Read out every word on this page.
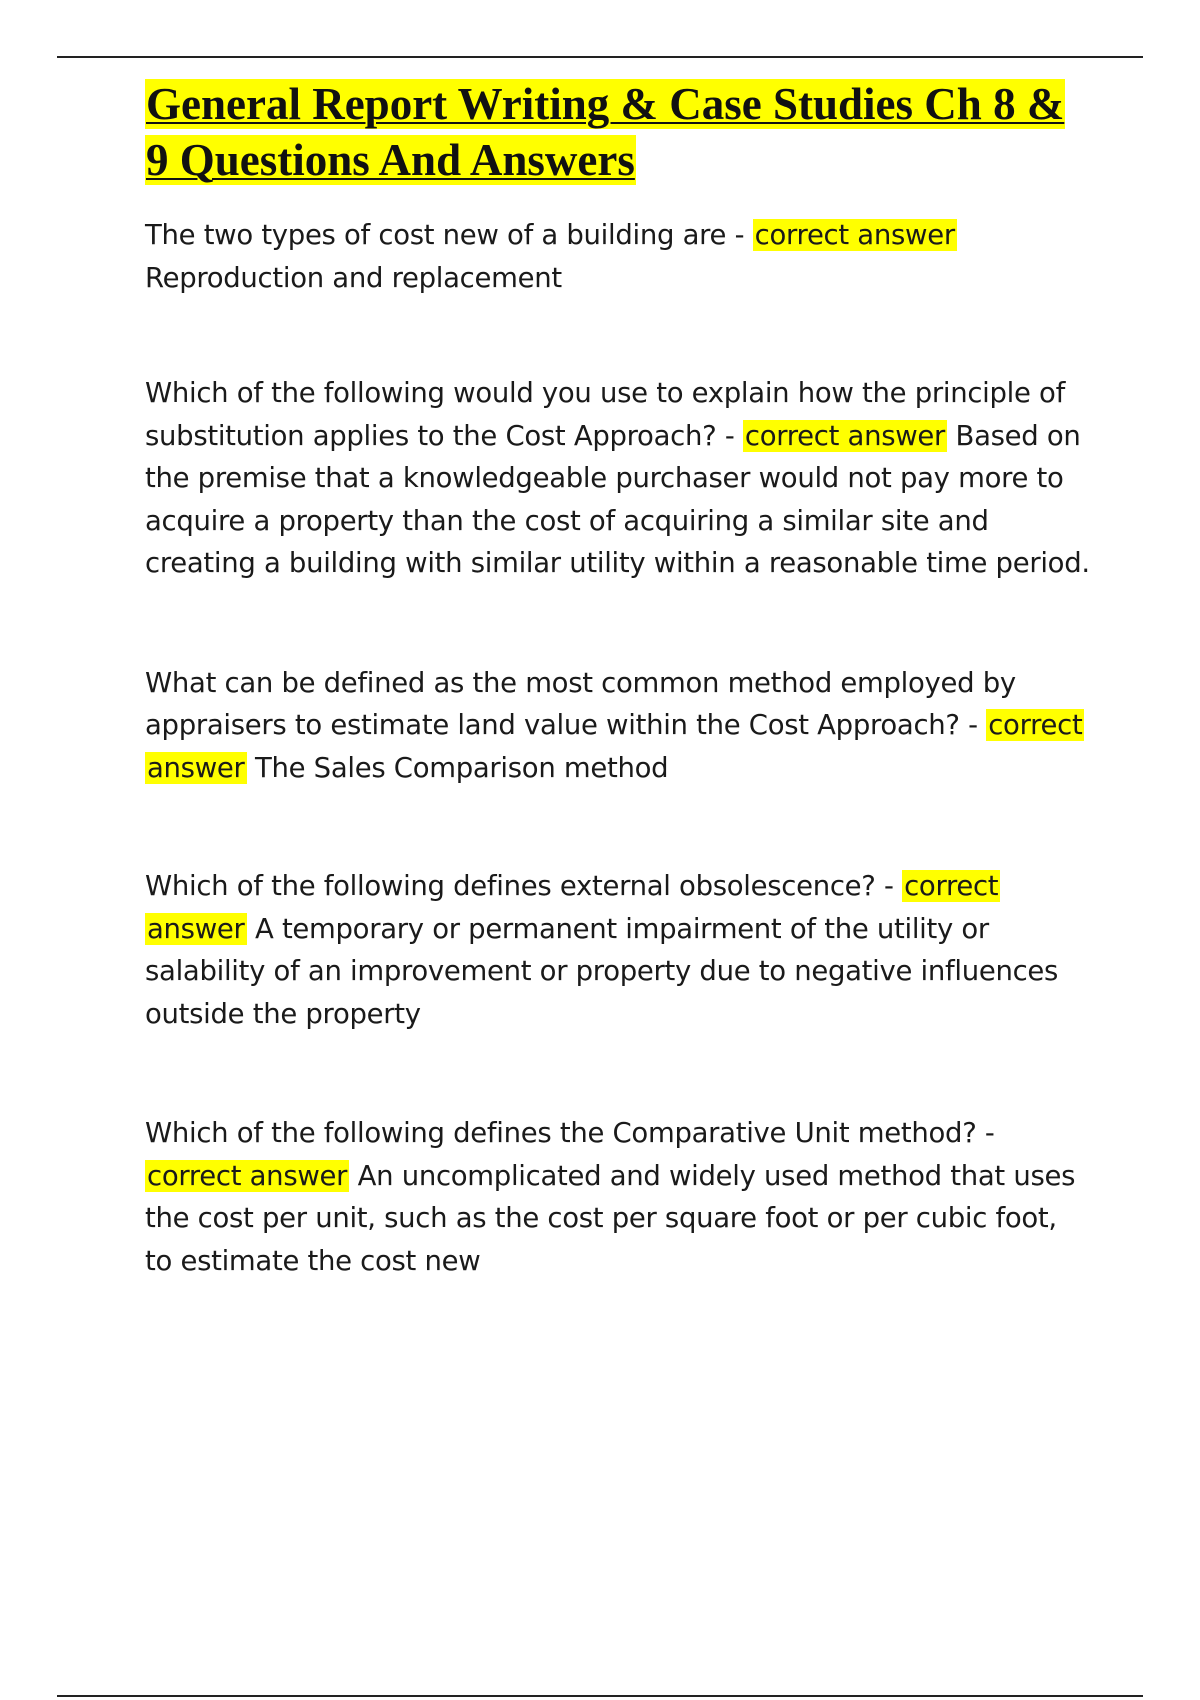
General Report Writing & Case Studies Ch 8 & 9 Questions And Answers

The two types of cost new of a building are - correct answer
Reproduction and replacement

Which of the following would you use to explain how the principle of substitution applies to the Cost Approach? - correct answer Based on the premise that a knowledgeable purchaser would not pay more to acquire a property than the cost of acquiring a similar site and creating a building with similar utility within a reasonable time period.

What can be defined as the most common method employed by appraisers to estimate land value within the Cost Approach? - correct answer The Sales Comparison method

Which of the following defines external obsolescence? - correct answer A temporary or permanent impairment of the utility or salability of an improvement or property due to negative influences outside the property

Which of the following defines the Comparative Unit method? - correct answer An uncomplicated and widely used method that uses the cost per unit, such as the cost per square foot or per cubic foot, to estimate the cost new
